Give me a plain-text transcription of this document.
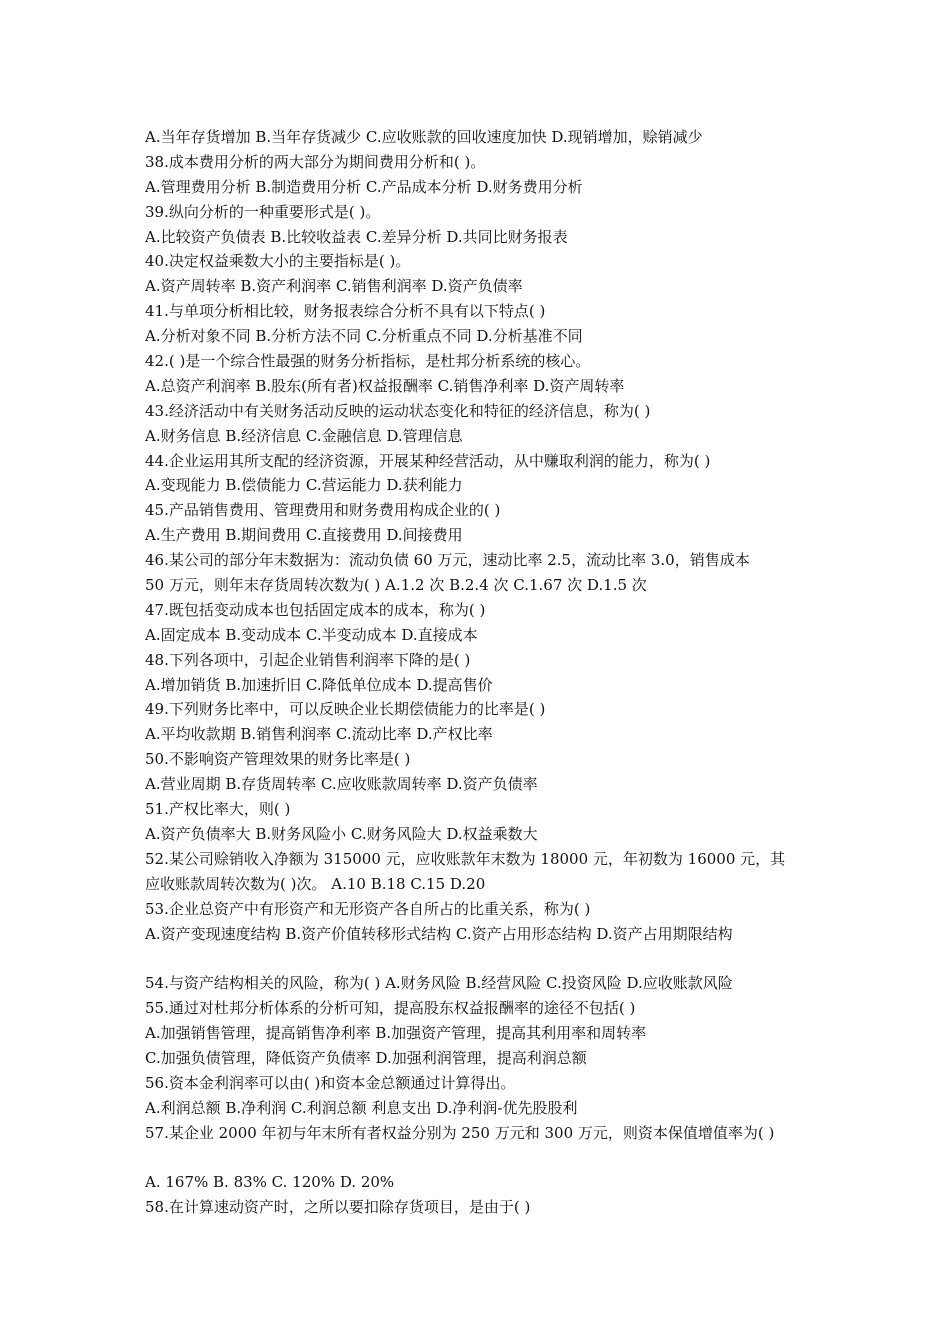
A.当年存货增加 B.当年存货减少 C.应收账款的回收速度加快 D.现销增加，赊销减少
38.成本费用分析的两大部分为期间费用分析和( )。
A.管理费用分析 B.制造费用分析 C.产品成本分析 D.财务费用分析
39.纵向分析的一种重要形式是( )。
A.比较资产负债表 B.比较收益表 C.差异分析 D.共同比财务报表
40.决定权益乘数大小的主要指标是( )。
A.资产周转率 B.资产利润率 C.销售利润率 D.资产负债率
41.与单项分析相比较，财务报表综合分析不具有以下特点( )
A.分析对象不同 B.分析方法不同 C.分析重点不同 D.分析基准不同
42.( )是一个综合性最强的财务分析指标，是杜邦分析系统的核心。
A.总资产利润率 B.股东(所有者)权益报酬率 C.销售净利率 D.资产周转率
43.经济活动中有关财务活动反映的运动状态变化和特征的经济信息，称为( )
A.财务信息 B.经济信息 C.金融信息 D.管理信息
44.企业运用其所支配的经济资源，开展某种经营活动，从中赚取利润的能力，称为( )
A.变现能力 B.偿债能力 C.营运能力 D.获利能力
45.产品销售费用、管理费用和财务费用构成企业的( )
A.生产费用 B.期间费用 C.直接费用 D.间接费用
46.某公司的部分年末数据为：流动负债 60 万元，速动比率 2.5，流动比率 3.0，销售成本
50 万元，则年末存货周转次数为( ) A.1.2 次 B.2.4 次 C.1.67 次 D.1.5 次
47.既包括变动成本也包括固定成本的成本，称为( )
A.固定成本 B.变动成本 C.半变动成本 D.直接成本
48.下列各项中，引起企业销售利润率下降的是( )
A.增加销货 B.加速折旧 C.降低单位成本 D.提高售价
49.下列财务比率中，可以反映企业长期偿债能力的比率是( )
A.平均收款期 B.销售利润率 C.流动比率 D.产权比率
50.不影响资产管理效果的财务比率是( )
A.营业周期 B.存货周转率 C.应收账款周转率 D.资产负债率
51.产权比率大，则( )
A.资产负债率大 B.财务风险小 C.财务风险大 D.权益乘数大
52.某公司赊销收入净额为 315000 元，应收账款年末数为 18000 元，年初数为 16000 元，其
应收账款周转次数为( )次。 A.10 B.18 C.15 D.20
53.企业总资产中有形资产和无形资产各自所占的比重关系，称为( )
A.资产变现速度结构 B.资产价值转移形式结构 C.资产占用形态结构 D.资产占用期限结构
54.与资产结构相关的风险，称为( ) A.财务风险 B.经营风险 C.投资风险 D.应收账款风险
55.通过对杜邦分析体系的分析可知，提高股东权益报酬率的途径不包括( )
A.加强销售管理，提高销售净利率 B.加强资产管理，提高其利用率和周转率
C.加强负债管理，降低资产负债率 D.加强利润管理，提高利润总额
56.资本金利润率可以由( )和资本金总额通过计算得出。
A.利润总额 B.净利润 C.利润总额 利息支出 D.净利润-优先股股利
57.某企业 2000 年初与年末所有者权益分别为 250 万元和 300 万元，则资本保值增值率为( )
A. 167% B. 83% C. 120% D. 20%
58.在计算速动资产时，之所以要扣除存货项目，是由于( )
